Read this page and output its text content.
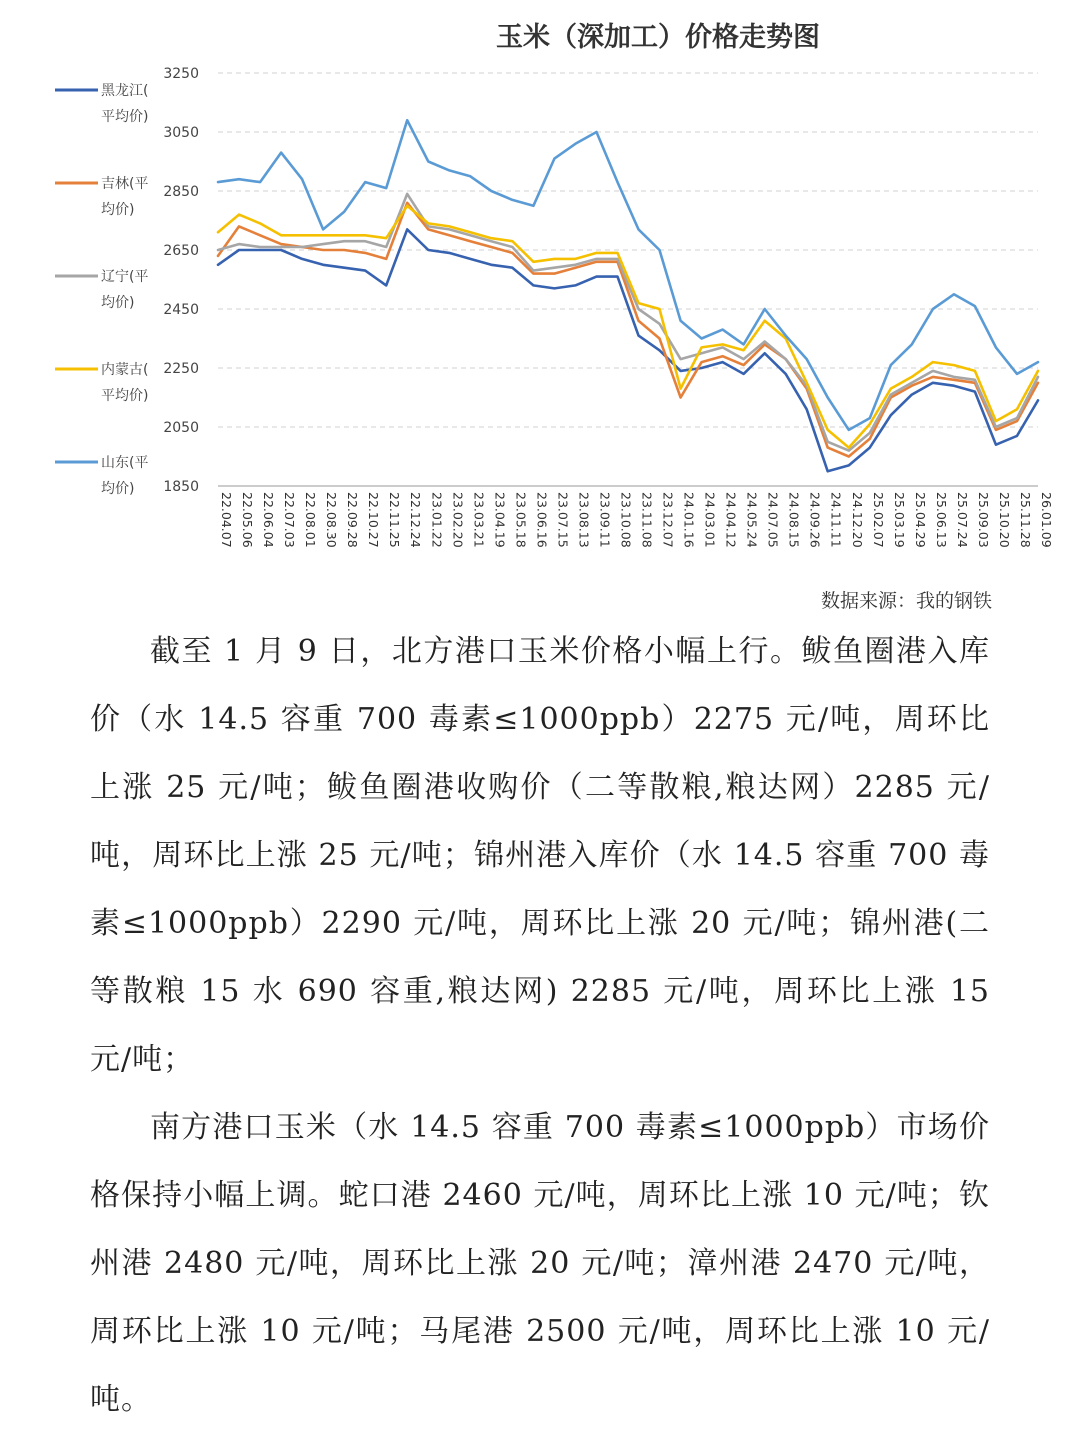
玉米（深加工）价格走势图
3250
3050
2850
2650
2450
2250
2050
1850
22.04.07 22.05.06 22.06.04 22.07.03 22.08.01 22.08.30 22.09.28 22.10.27 22.11.25 22.12.24 23.01.22 23.02.20 23.03.21 23.04.19 23.05.18 23.06.16 23.07.15 23.08.13 23.09.11 23.10.08 23.11.08 23.12.07 24.01.16 24.03.01 24.04.12 24.05.24 24.07.05 24.08.15 24.09.26 24.11.11 24.12.20 25.02.07 25.03.19 25.04.29 25.06.13 25.07.24 25.09.03 25.10.20 25.11.28 26.01.09
黑龙江(
平均价)
吉林(平
均价)
辽宁(平
均价)
内蒙古(
平均价)
山东(平
均价)
数据来源：我的钢铁

截至 1 月 9 日，北方港口玉米价格小幅上行。鲅鱼圈港入库价（水 14.5 容重 700 毒素≤1000ppb）2275 元/吨，周环比上涨 25 元/吨；鲅鱼圈港收购价（二等散粮,粮达网）2285 元/吨，周环比上涨 25 元/吨；锦州港入库价（水 14.5 容重 700 毒素≤1000ppb）2290 元/吨，周环比上涨 20 元/吨；锦州港(二等散粮 15 水 690 容重,粮达网) 2285 元/吨，周环比上涨 15 元/吨；

南方港口玉米（水 14.5 容重 700 毒素≤1000ppb）市场价格保持小幅上调。蛇口港 2460 元/吨，周环比上涨 10 元/吨；钦州港 2480 元/吨，周环比上涨 20 元/吨；漳州港 2470 元/吨，周环比上涨 10 元/吨；马尾港 2500 元/吨，周环比上涨 10 元/吨。
